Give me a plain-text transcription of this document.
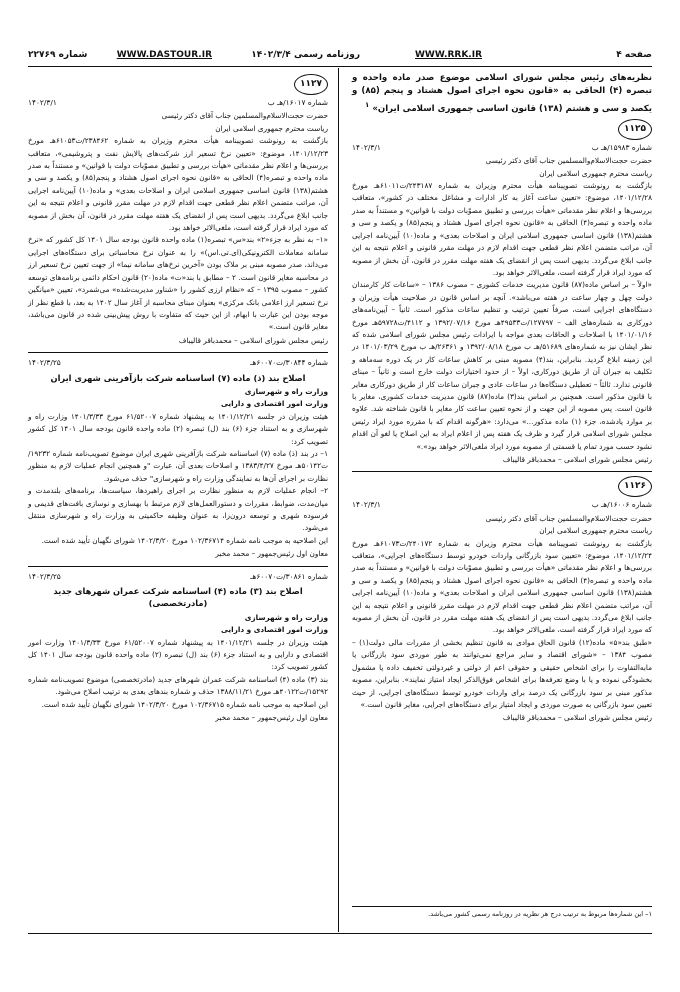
صفحه ۴
WWW.RRK.IR
روزنامه رسمی ۱۴۰۲/۳/۴
WWW.DASTOUR.IR
شماره ۲۲۷۶۹

نظریه‌های رئیس مجلس شورای اسلامی موضوع صدر ماده واحده و تبصره (۴) الحاقی به «قانون نحوه اجرای اصول هشتاد و پنجم (۸۵) و یکصد و سی و هشتم (۱۳۸) قانون اساسی جمهوری اسلامی ایران» $^۱$

۱۱۲۵
شماره ۱۵۹۸۳/هـ ب
۱۴۰۲/۳/۱

حضرت حجت‌الاسلام‌والمسلمین جناب آقای دکتر رئیسی

ریاست محترم جمهوری اسلامی ایران

بازگشت به رونوشت تصویبنامه هیأت محترم وزیران به شماره ۲۴۳۱۸۷/ت۶۱۰۱۱هـ مورخ ۱۴۰۱/۱۲/۲۸، موضوع: «تعیین ساعت آغاز به کار ادارات و مشاغل مختلف در کشور»، متعاقب بررسی‌ها و اعلام نظر مقدماتی «هیأت بررسی و تطبیق مصوّبات دولت با قوانین» و مستنداً به صدر ماده واحده و تبصره(۴) الحاقی به «قانون نحوه اجرای اصول هشتاد و پنجم(۸۵) و یکصد و سی و هشتم(۱۳۸) قانون اساسی جمهوری اسلامی ایران و اصلاحات بعدی» و ماده(۱۰) آیین‌نامه اجرایی آن، مراتب متضمن اعلام نظر قطعی جهت اقدام لازم در مهلت مقرر قانونی و اعلام نتیجه به این جانب ابلاغ می‌گردد. بدیهی است پس از انقضای یک هفته مهلت مقرر در قانون، آن بخش از مصوبه که مورد ایراد قرار گرفته است، ملغی‌الاثر خواهد بود.

«اولاً – بر اساس ماده(۸۷) قانون مدیریت خدمات کشوری – مصوب ۱۳۸۶ – «ساعات کار کارمندان دولت چهل و چهار ساعت در هفته می‌باشد». آنچه بر اساس قانون در صلاحیت هیأت وزیران و دستگاه‌های اجرایی است، صرفاً تعیین ترتیب و تنظیم ساعات مذکور است. ثانیاً – آیین‌نامه‌های دورکاری به شماره‌های الف – ۱۲۷۷۹۷/ت۴۹۵۳۳هـ مورخ ۱۳۹۲/۰۷/۱۶ و ۴۱۱۲/ت۵۹۷۲۸هـ مورخ ۱۴۰۱/۰۱/۱۶ با اصلاحات و الحاقات بعدی مواجه با ایرادات رئیس مجلس شورای اسلامی شده که نظر ایشان نیز به شماره‌های ۵۱۶۸۹/هـ ب مورخ ۱۳۹۲/۰۸/۱۸ و ۲۶۳۶۱/هـ ب مورخ ۱۴۰۱/۰۳/۲۹ در این زمینه ابلاغ گردید. بنابراین، بند(۴) مصوبه مبنی بر کاهش ساعات کار در یک دوره سه‌ماهه و تکلیف به جبران آن از طریق دورکاری، اولاً – از حدود اختیارات دولت خارج است و ثانیاً – مبنای قانونی ندارد. ثالثاً – تعطیلی دستگاه‌ها در ساعات عادی و جبران ساعات کار از طریق دورکاری مغایر با قانون مذکور است. همچنین بر اساس بند(۳) ماده(۸۷) قانون مدیریت خدمات کشوری، مغایر با قانون است. پس مصوبه از این جهت و از نحوه تعیین ساعت کار مغایر با قانون شناخته شد. علاوه بر موارد یادشده، جزء (۱) ماده مذکور...» می‌دارد: «هرگونه اقدام که با مقرره مورد ایراد رئیس مجلس شورای اسلامی قرار گیرد و ظرف یک هفته پس از اعلام ایراد به این اصلاح یا لغو آن اقدام نشود حسب مورد تمام یا قسمتی از مصوبه مورد ایراد ملغی‌الاثر خواهد بود».»

رئیس مجلس شورای اسلامی – محمدباقر قالیباف

۱۱۲۶
شماره ۱۶۰۰۶/هـ ب
۱۴۰۲/۳/۱

حضرت حجت‌الاسلام‌والمسلمین جناب آقای دکتر رئیسی

ریاست محترم جمهوری اسلامی ایران

بازگشت به رونوشت تصویبنامه هیأت محترم وزیران به شماره ۲۴۰۱۷۲/ت۶۱۰۷۳هـ مورخ ۱۴۰۱/۱۲/۲۴، موضوع: «تعیین سود بازرگانی واردات خودرو توسط دستگاه‌های اجرایی»، متعاقب بررسی‌ها و اعلام نظر مقدماتی «هیأت بررسی و تطبیق مصوّبات دولت با قوانین» و مستنداً به صدر ماده واحده و تبصره(۴) الحاقی به «قانون نحوه اجرای اصول هشتاد و پنجم(۸۵) و یکصد و سی و هشتم(۱۳۸) قانون اساسی جمهوری اسلامی ایران و اصلاحات بعدی» و ماده(۱۰) آیین‌نامه اجرایی آن، مراتب متضمن اعلام نظر قطعی جهت اقدام لازم در مهلت مقرر قانونی و اعلام نتیجه به این جانب ابلاغ می‌گردد. بدیهی است پس از انقضای یک هفته مهلت مقرر در قانون، آن بخش از مصوبه که مورد ایراد قرار گرفته است، ملغی‌الاثر خواهد بود.

«طبق بند«۵» ماده(۱۲) قانون الحاق موادی به قانون تنظیم بخشی از مقررات مالی دولت(۱) – مصوب ۱۳۸۴ – «شورای اقتصاد و سایر مراجع نمی‌توانند به طور موردی سود بازرگانی یا مابه‌التفاوت را برای اشخاص حقیقی و حقوقی اعم از دولتی و غیردولتی تخفیف داده یا مشمول بخشودگی نموده و یا با وضع تعرفه‌ها برای اشخاص فوق‌الذکر ایجاد امتیاز نمایند». بنابراین، مصوبه مذکور مبنی بر سود بازرگانی یک درصد برای واردات خودرو توسط دستگاه‌های اجرایی، از حیث تعیین سود بازرگانی به صورت موردی و ایجاد امتیاز برای دستگاه‌های اجرایی، مغایر قانون است.»

رئیس مجلس شورای اسلامی – محمدباقر قالیباف

۱– این شماره‌ها مربوط به ترتیب درج هر نظریه در روزنامه رسمی کشور می‌باشد.
۱۱۲۷
شماره ۱۶۰۱۷/هـ ب
۱۴۰۲/۳/۱

حضرت حجت‌الاسلام‌والمسلمین جناب آقای دکتر رئیسی

ریاست محترم جمهوری اسلامی ایران

بازگشت به رونوشت تصویبنامه هیأت محترم وزیران به شماره ۲۳۸۴۶۲/ت۶۱۰۵۳هـ مورخ ۱۴۰۱/۱۲/۲۳، موضوع: «تعیین نرخ تسعیر ارز شرکت‌های پالایش نفت و پتروشیمی»، متعاقب بررسی‌ها و اعلام نظر مقدماتی «هیأت بررسی و تطبیق مصوّبات دولت با قوانین» و مستنداً به صدر ماده واحده و تبصره(۴) الحاقی به «قانون نحوه اجرای اصول هشتاد و پنجم(۸۵) و یکصد و سی و هشتم(۱۳۸) قانون اساسی جمهوری اسلامی ایران و اصلاحات بعدی» و ماده(۱۰) آیین‌نامه اجرایی آن، مراتب متضمن اعلام نظر قطعی جهت اقدام لازم در مهلت مقرر قانونی و اعلام نتیجه به این جانب ابلاغ می‌گردد. بدیهی است پس از انقضای یک هفته مهلت مقرر در قانون، آن بخش از مصوبه که مورد ایراد قرار گرفته است، ملغی‌الاثر خواهد بود.

«۱– به نظر به جزء«۲» بند«س» تبصره(۱) ماده واحده قانون بودجه سال ۱۴۰۱ کل کشور که «نرخ سامانه معاملات الکترونیکی(ای.تی.اس)» را به عنوان نرخ محاسباتی برای دستگاه‌های اجرایی می‌داند، صدر مصوبه مبنی بر ملاک بودن «آخرین نرخ‌های سامانه نیما» از جهت تعیین نرخ تسعیر ارز در محاسبه مغایر قانون است. ۲ – مطابق با بند«ت» ماده(۲۰) قانون احکام دائمی برنامه‌های توسعه کشور – مصوب ۱۳۹۵ – که «نظام ارزی کشور را «شناور مدیریت‌شده» می‌شمرد»، تعیین «میانگین نرخ تسعیر ارز اعلامی بانک مرکزی» بعنوان مبنای محاسبه از آغاز سال ۱۴۰۲ به بعد، با قطع نظر از موجه بودن این عبارت با ابهام، از این حیث که متفاوت با روش پیش‌بینی شده در قانون می‌باشد، مغایر قانون است.»

رئیس مجلس شورای اسلامی – محمدباقر قالیباف

شماره ۳۰۸۴۴/ت۶۰۰۷۰هـ
۱۴۰۲/۳/۲۵

اصلاح بند (ذ) ماده (۷) اساسنامه شرکت بازآفرینی شهری ایران

وزارت راه و شهرسازی

وزارت امور اقتصادی و دارایی

هیئت وزیران در جلسه ۱۴۰۱/۱۲/۲۱ به پیشنهاد شماره ۶۱/۵۲۰۰۷ مورخ ۱۴۰۱/۳/۳۳ وزارت راه و شهرسازی و به استناد جزء (۶) بند (ل) تبصره (۲) ماده واحده قانون بودجه سال ۱۴۰۱ کل کشور تصویب کرد:

۱– در بند (ذ) ماده (۷) اساسنامه شرکت بازآفرینی شهری ایران موضوع تصویب‌نامه شماره ۱۹۲۳۲/ت۵۰۱۴۲هـ مورخ ۱۳۸۳/۴/۲۷ و اصلاحات بعدی آن، عبارت "و همچنین انجام عملیات لازم به منظور نظارت بر اجرای آن‌ها به نمایندگی وزارت راه و شهرسازی" حذف می‌شود.

۲– انجام عملیات لازم به منظور نظارت بر اجرای راهبردها، سیاست‌ها، برنامه‌های بلندمدت و میان‌مدت، ضوابط، مقررات و دستورالعمل‌های لازم مرتبط با بهسازی و نوسازی بافت‌های قدیمی و فرسوده شهری و توسعه درون‌زا، به عنوان وظیفه حاکمیتی به وزارت راه و شهرسازی منتقل می‌شود.

این اصلاحیه به موجب نامه شماره ۱۰۲/۳۶۷۱۴ مورخ ۱۴۰۲/۳/۲۰ شورای نگهبان تأیید شده است.

معاون اول رئیس‌جمهور – محمد مخبر

شماره ۳۰۸۶۱/ت۶۰۰۷۰هـ
۱۴۰۲/۳/۲۵

اصلاح بند (۳) ماده (۴) اساسنامه شرکت عمران شهرهای جدید (مادرتخصصی)

وزارت راه و شهرسازی

وزارت امور اقتصادی و دارایی

هیئت وزیران در جلسه ۱۴۰۱/۱۲/۲۱ به پیشنهاد شماره ۶۱/۵۲۰۰۷ مورخ ۱۴۰۱/۳/۳۳ وزارت امور اقتصادی و دارایی و به استناد جزء (۶) بند (ل) تبصره (۲) ماده واحده قانون بودجه سال ۱۴۰۱ کل کشور تصویب کرد:

بند (۳) ماده (۴) اساسنامه شرکت عمران شهرهای جدید (مادرتخصصی) موضوع تصویب‌نامه شماره ۱۵۲۹۲/ت۴۰۱۲۲هـ مورخ ۱۳۸۸/۱۱/۲۱ حذف و شماره بندهای بعدی به ترتیب اصلاح می‌شود.

این اصلاحیه به موجب نامه شماره ۱۰۲/۳۶۷۱۵ مورخ ۱۴۰۲/۳/۲۰ شورای نگهبان تأیید شده است.

معاون اول رئیس‌جمهور – محمد مخبر
